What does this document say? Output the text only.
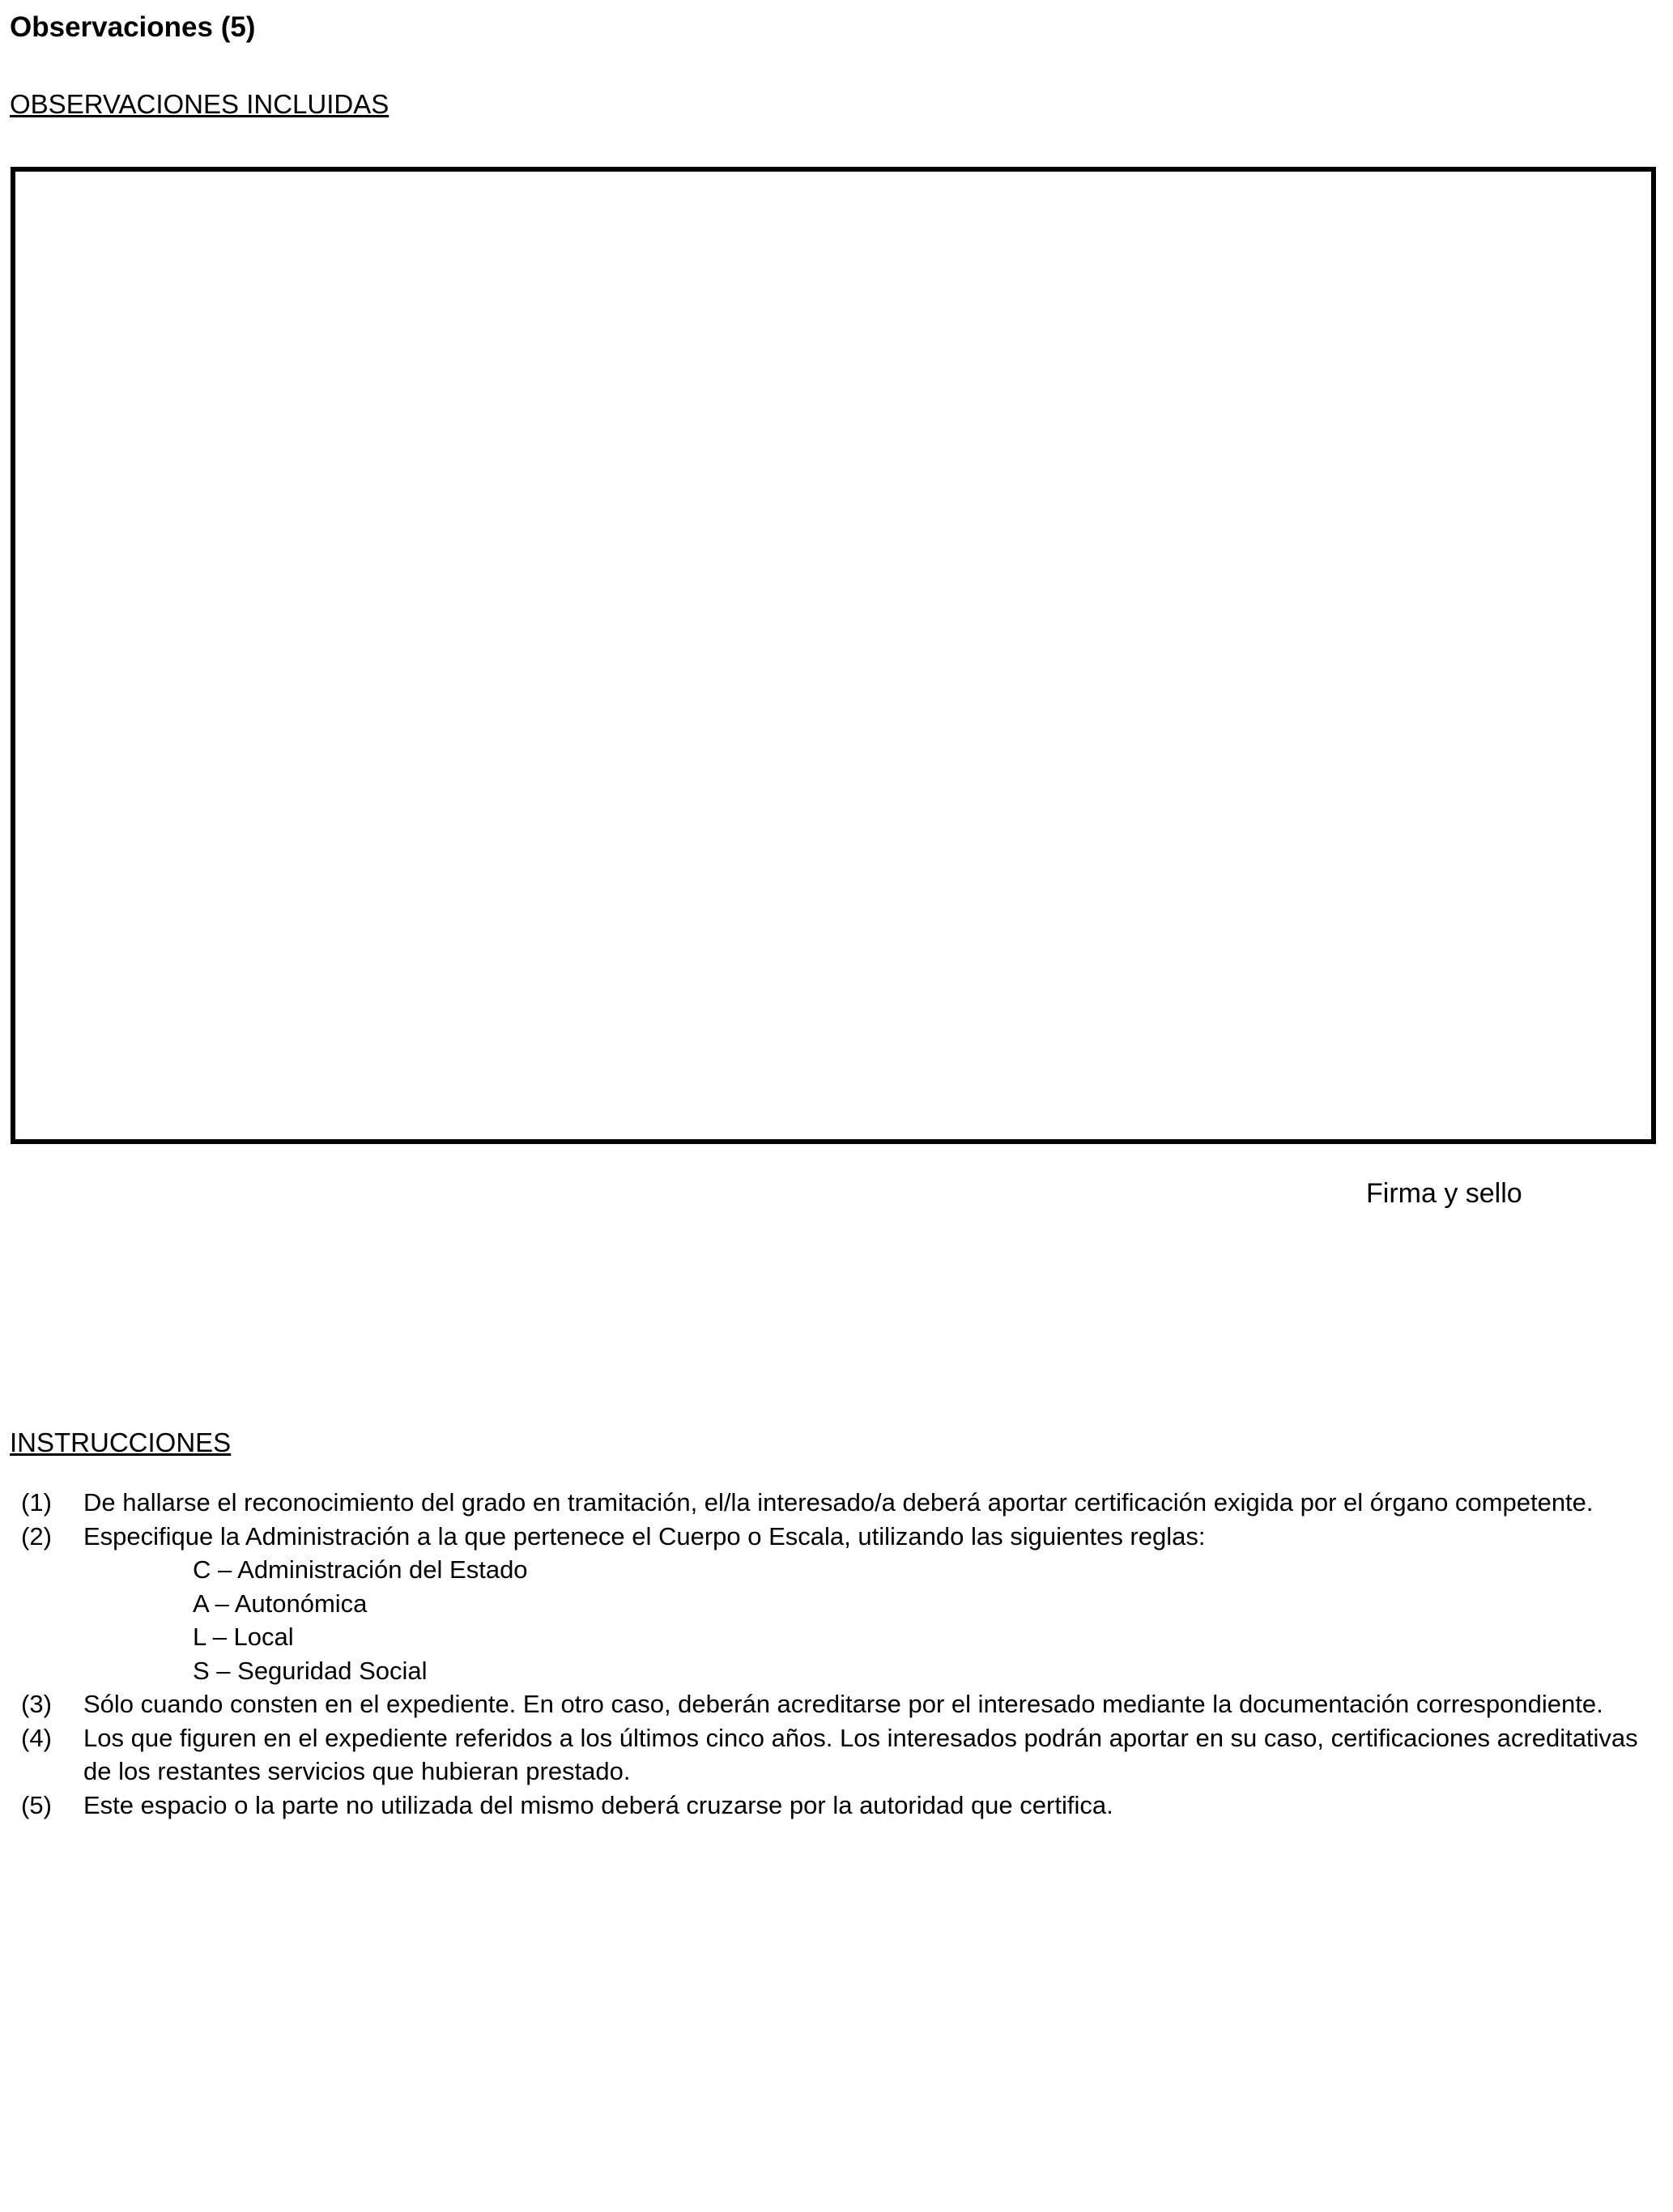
Observaciones (5)
OBSERVACIONES INCLUIDAS
Firma y sello
INSTRUCCIONES
(1) De hallarse el reconocimiento del grado en tramitación, el/la interesado/a deberá aportar certificación exigida por el órgano competente.
(2) Especifique la Administración a la que pertenece el Cuerpo o Escala, utilizando las siguientes reglas:
C – Administración del Estado
A – Autonómica
L – Local
S – Seguridad Social
(3) Sólo cuando consten en el expediente. En otro caso, deberán acreditarse por el interesado mediante la documentación correspondiente.
(4) Los que figuren en el expediente referidos a los últimos cinco años. Los interesados podrán aportar en su caso, certificaciones acreditativas de los restantes servicios que hubieran prestado.
(5) Este espacio o la parte no utilizada del mismo deberá cruzarse por la autoridad que certifica.
